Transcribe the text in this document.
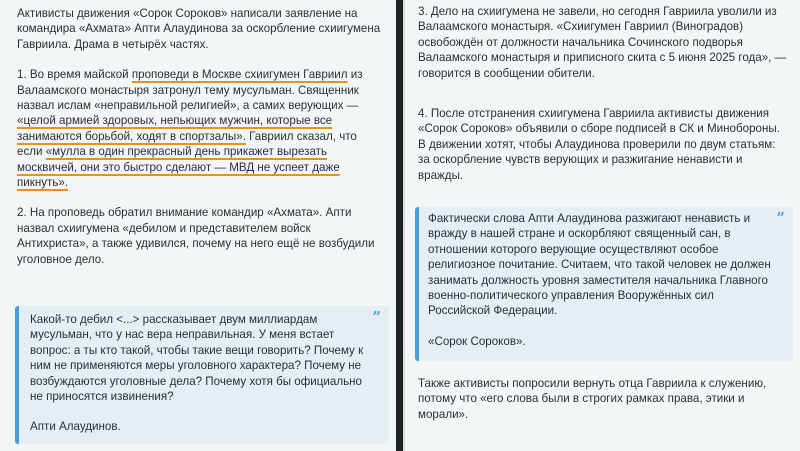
Активисты движения «Сорок Сороков» написали заявление на командира «Ахмата» Апти Алаудинова за оскорбление схиигумена Гавриила. Драма в четырёх частях.

1. Во время майской проповеди в Москве схиигумен Гавриил из Валаамского монастыря затронул тему мусульман. Священник назвал ислам «неправильной религией», а самих верующих — «целой армией здоровых, непьющих мужчин, которые все занимаются борьбой, ходят в спортзалы». Гавриил сказал, что если «мулла в один прекрасный день прикажет вырезать москвичей, они это быстро сделают — МВД не успеет даже пикнуть».

2. На проповедь обратил внимание командир «Ахмата». Апти назвал схиигумена «дебилом и представителем войск Антихриста», а также удивился, почему на него ещё не возбудили уголовное дело.

”

Какой-то дебил <...> рассказывает двум миллиардам мусульман, что у нас вера неправильная. У меня встает вопрос: а ты кто такой, чтобы такие вещи говорить? Почему к ним не применяются меры уголовного характера? Почему не возбуждаются уголовные дела? Почему хотя бы официально не приносятся извинения?

Апти Алаудинов.

3. Дело на схиигумена не завели, но сегодня Гавриила уволили из Валаамского монастыря. «Схиигумен Гавриил (Виноградов) освобождён от должности начальника Сочинского подворья Валаамского монастыря и приписного скита с 5 июня 2025 года», — говорится в сообщении обители.

4. После отстранения схиигумена Гавриила активисты движения «Сорок Сороков» объявили о сборе подписей в СК и Минобороны. В движении хотят, чтобы Алаудинова проверили по двум статьям: за оскорбление чувств верующих и разжигание ненависти и вражды.

Также активисты попросили вернуть отца Гавриила к служению, потому что «его слова были в строгих рамках права, этики и морали».

”

Фактически слова Апти Алаудинова разжигают ненависть и вражду в нашей стране и оскорбляют священный сан, в отношении которого верующие осуществляют особое религиозное почитание. Считаем, что такой человек не должен занимать должность уровня заместителя начальника Главного военно-политического управления Вооружённых сил Российской Федерации.

«Сорок Сороков».
